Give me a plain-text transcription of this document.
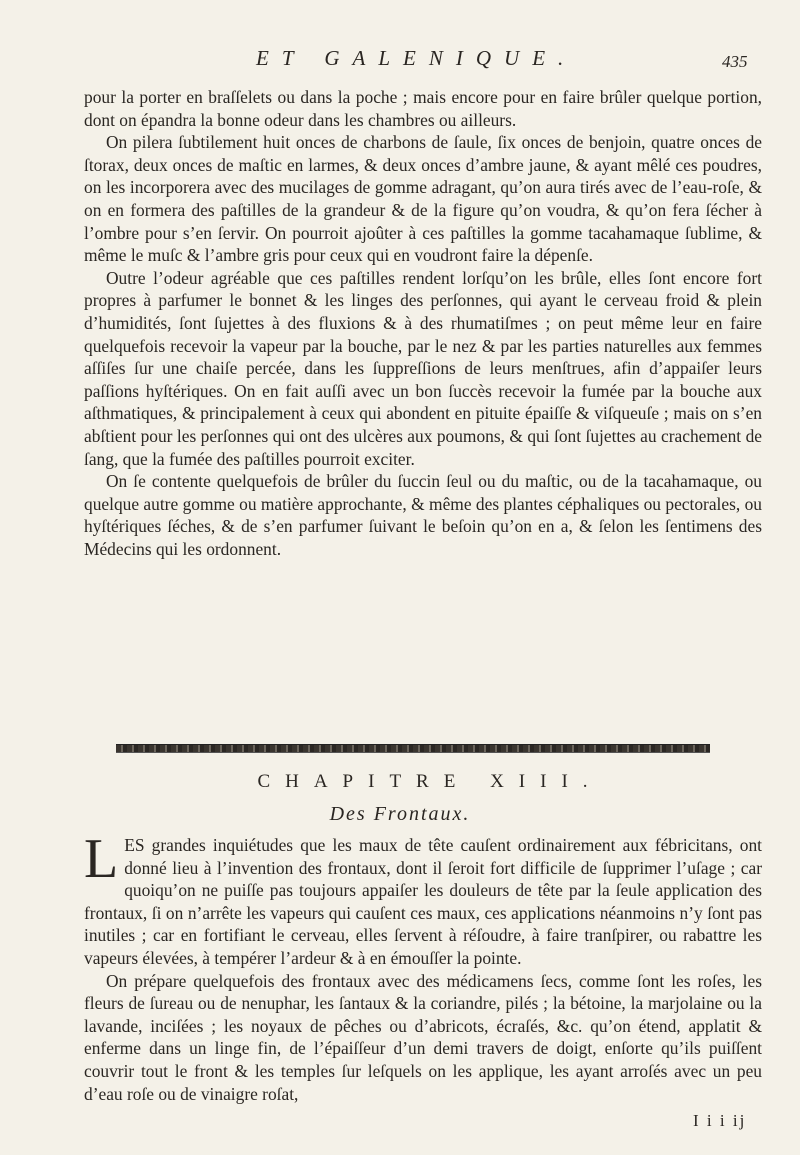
ET GALENIQUE.	435

pour la porter en braſſelets ou dans la poche ; mais encore pour en faire brûler quelque portion, dont on épandra la bonne odeur dans les chambres ou ailleurs.

On pilera ſubtilement huit onces de charbons de ſaule, ſix onces de benjoin, quatre onces de ſtorax, deux onces de maſtic en larmes, & deux onces d’ambre jaune, & ayant mêlé ces poudres, on les incorporera avec des mucilages de gomme adragant, qu’on aura tirés avec de l’eau-roſe, & on en formera des paſtilles de la grandeur & de la figure qu’on voudra, & qu’on fera ſécher à l’ombre pour s’en ſervir. On pourroit ajoûter à ces paſtilles la gomme tacahamaque ſublime, & même le muſc & l’ambre gris pour ceux qui en voudront faire la dépenſe.

Outre l’odeur agréable que ces paſtilles rendent lorſqu’on les brûle, elles ſont encore fort propres à parfumer le bonnet & les linges des perſonnes, qui ayant le cerveau froid & plein d’humidités, ſont ſujettes à des fluxions & à des rhumatiſmes ; on peut même leur en faire quelquefois recevoir la vapeur par la bouche, par le nez & par les parties naturelles aux femmes aſſiſes ſur une chaiſe percée, dans les ſuppreſſions de leurs menſtrues, afin d’appaiſer leurs paſſions hyſtériques. On en fait auſſi avec un bon ſuccès recevoir la fumée par la bouche aux aſthmatiques, & principalement à ceux qui abondent en pituite épaiſſe & viſqueuſe ; mais on s’en abſtient pour les perſonnes qui ont des ulcères aux poumons, & qui ſont ſujettes au crachement de ſang, que la fumée des paſtilles pourroit exciter.

On ſe contente quelquefois de brûler du ſuccin ſeul ou du maſtic, ou de la tacahamaque, ou quelque autre gomme ou matière approchante, & même des plantes céphaliques ou pectorales, ou hyſtériques ſéches, & de s’en parfumer ſuivant le beſoin qu’on en a, & ſelon les ſentimens des Médecins qui les ordonnent.

CHAPITRE XIII.
Des Frontaux.

LES grandes inquiétudes que les maux de tête cauſent ordinairement aux fébricitans, ont donné lieu à l’invention des frontaux, dont il ſeroit fort difficile de ſupprimer l’uſage ; car quoiqu’on ne puiſſe pas toujours appaiſer les douleurs de tête par la ſeule application des frontaux, ſi on n’arrête les vapeurs qui cauſent ces maux, ces applications néanmoins n’y ſont pas inutiles ; car en fortifiant le cerveau, elles ſervent à réſoudre, à faire tranſpirer, ou rabattre les vapeurs élevées, à tempérer l’ardeur & à en émouſſer la pointe.

On prépare quelquefois des frontaux avec des médicamens ſecs, comme ſont les roſes, les fleurs de ſureau ou de nenuphar, les ſantaux & la coriandre, pilés ; la bétoine, la marjolaine ou la lavande, inciſées ; les noyaux de pêches ou d’abricots, écraſés, &c. qu’on étend, applatit & enferme dans un linge fin, de l’épaiſſeur d’un demi travers de doigt, enſorte qu’ils puiſſent couvrir tout le front & les temples ſur leſquels on les applique, les ayant arroſés avec un peu d’eau roſe ou de vinaigre roſat,

I i i ij
